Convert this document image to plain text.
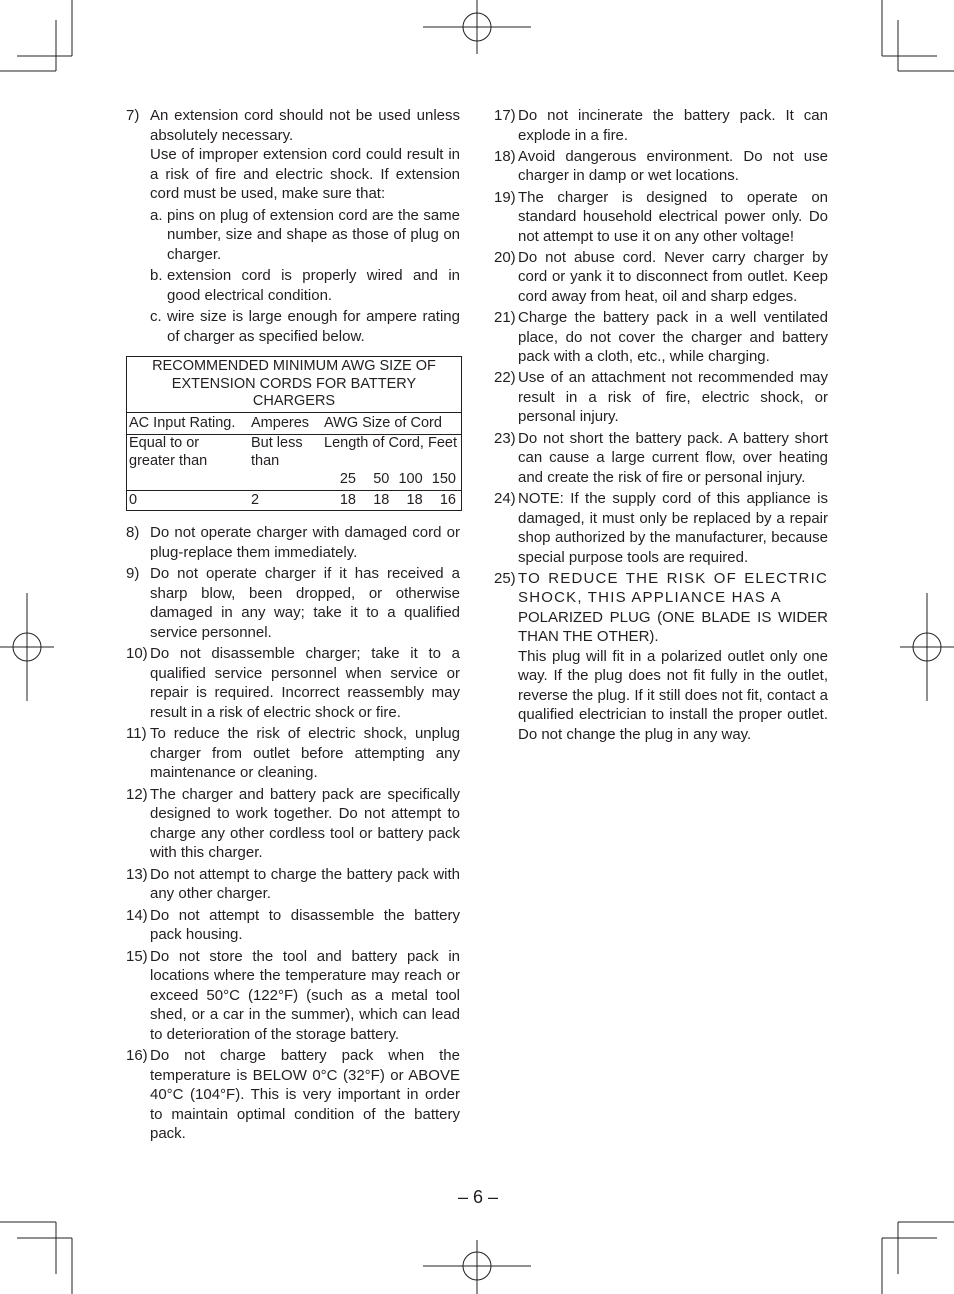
7) An extension cord should not be used unless absolutely necessary.

Use of improper extension cord could result in a risk of fire and electric shock. If extension cord must be used, make sure that:

a. pins on plug of extension cord are the same number, size and shape as those of plug on charger.
b. extension cord is properly wired and in good electrical condition.
c. wire size is large enough for ampere rating of charger as specified below.
RECOMMENDED MINIMUM AWG SIZE OF EXTENSION CORDS FOR BATTERY CHARGERS		
AC Input Rating.	Amperes	AWG Size of Cord
Equal to or greater than	But less than	Length of Cord, Feet

		25 50 100 150

0	2	18 18 18 16
8) Do not operate charger with damaged cord or plug-replace them immediately.
9) Do not operate charger if it has received a sharp blow, been dropped, or otherwise damaged in any way; take it to a qualified service personnel.
10) Do not disassemble charger; take it to a qualified service personnel when service or repair is required. Incorrect reassembly may result in a risk of electric shock or fire.
11) To reduce the risk of electric shock, unplug charger from outlet before attempting any maintenance or cleaning.
12) The charger and battery pack are specifically designed to work together. Do not attempt to charge any other cordless tool or battery pack with this charger.
13) Do not attempt to charge the battery pack with any other charger.
14) Do not attempt to disassemble the battery pack housing.
15) Do not store the tool and battery pack in locations where the temperature may reach or exceed 50°C (122°F) (such as a metal tool shed, or a car in the summer), which can lead to deterioration of the storage battery.
16) Do not charge battery pack when the temperature is BELOW 0°C (32°F) or ABOVE 40°C (104°F). This is very important in order to maintain optimal condition of the battery pack.
17) Do not incinerate the battery pack. It can explode in a fire.
18) Avoid dangerous environment. Do not use charger in damp or wet locations.
19) The charger is designed to operate on standard household electrical power only. Do not attempt to use it on any other voltage!
20) Do not abuse cord. Never carry charger by cord or yank it to disconnect from outlet. Keep cord away from heat, oil and sharp edges.
21) Charge the battery pack in a well ventilated place, do not cover the charger and battery pack with a cloth, etc., while charging.
22) Use of an attachment not recommended may result in a risk of fire, electric shock, or personal injury.
23) Do not short the battery pack. A battery short can cause a large current flow, over heating and create the risk of fire or personal injury.
24) NOTE: If the supply cord of this appliance is damaged, it must only be replaced by a repair shop authorized by the manufacturer, because special purpose tools are required.
25) TO REDUCE THE RISK OF ELECTRIC SHOCK, THIS APPLIANCE HAS A

POLARIZED PLUG (ONE BLADE IS WIDER THAN THE OTHER).

This plug will fit in a polarized outlet only one way. If the plug does not fit fully in the outlet, reverse the plug. If it still does not fit, contact a qualified electrician to install the proper outlet. Do not change the plug in any way.

– 6 –
